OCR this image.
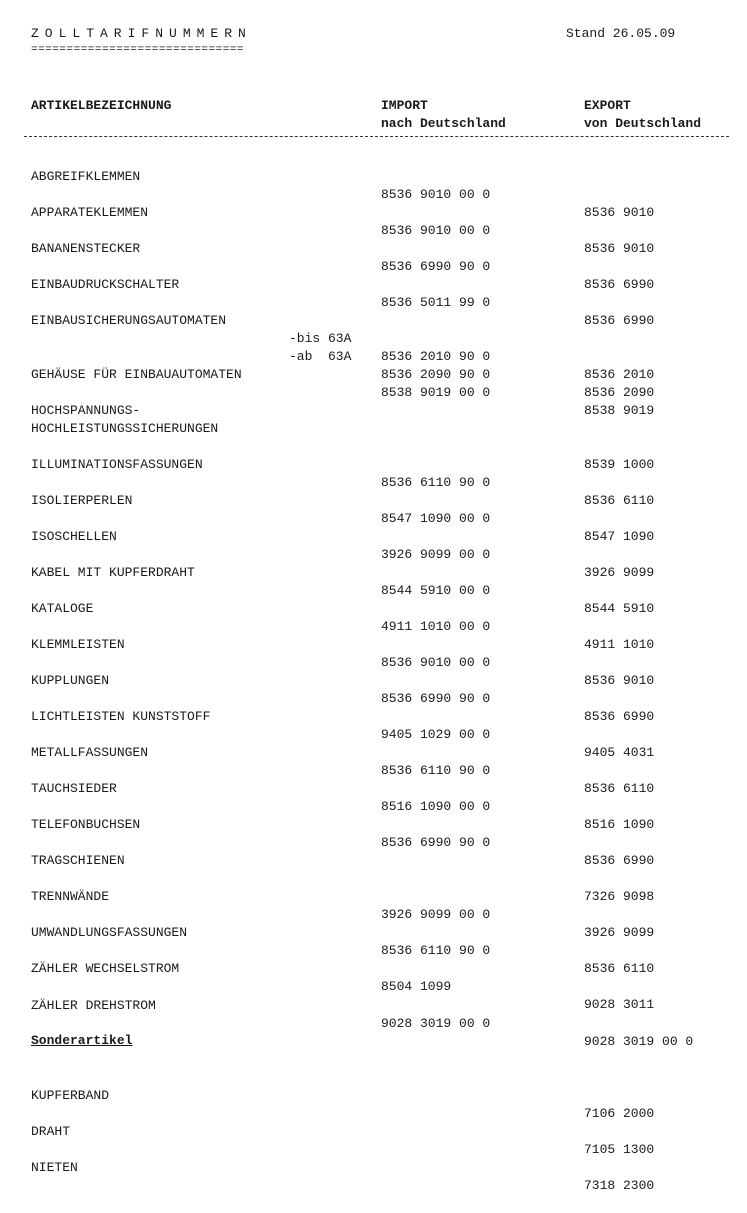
ZOLLTARIFNUMMERN
==============================
Stand 26.05.09
ARTIKELBEZEICHNUNG	IMPORT
nach Deutschland
EXPORT
von Deutschland

ABGREIFKLEMMEN

8536 9010 00 0

8536 9010

APPARATEKLEMMEN

8536 9010 00 0

8536 9010

BANANENSTECKER

8536 6990 90 0

8536 6990

EINBAUDRUCKSCHALTER

8536 5011 99 0

8536 6990

EINBAUSICHERUNGSAUTOMATEN

-bis 63A

8536 2010 90 0

8536 2010

-ab  63A

8536 2090 90 0

8536 2090

GEHÄUSE FÜR EINBAUAUTOMATEN

8538 9019 00 0

8538 9019

HOCHSPANNUNGS-

HOCHLEISTUNGSSICHERUNGEN

8539 1000

ILLUMINATIONSFASSUNGEN

8536 6110 90 0

8536 6110

ISOLIERPERLEN

8547 1090 00 0

8547 1090

ISOSCHELLEN

3926 9099 00 0

3926 9099

KABEL MIT KUPFERDRAHT

8544 5910 00 0

8544 5910

KATALOGE

4911 1010 00 0

4911 1010

KLEMMLEISTEN

8536 9010 00 0

8536 9010

KUPPLUNGEN

8536 6990 90 0

8536 6990

LICHTLEISTEN KUNSTSTOFF

9405 1029 00 0

9405 4031

METALLFASSUNGEN

8536 6110 90 0

8536 6110

TAUCHSIEDER

8516 1090 00 0

8516 1090

TELEFONBUCHSEN

8536 6990 90 0

8536 6990

TRAGSCHIENEN

7326 9098

TRENNWÄNDE

3926 9099 00 0

3926 9099

UMWANDLUNGSFASSUNGEN

8536 6110 90 0

8536 6110

ZÄHLER WECHSELSTROM

8504 1099

9028 3011

ZÄHLER DREHSTROM

9028 3019 00 0

9028 3019 00 0

Sonderartikel

KUPFERBAND

7106 2000

DRAHT

7105 1300

NIETEN

7318 2300
